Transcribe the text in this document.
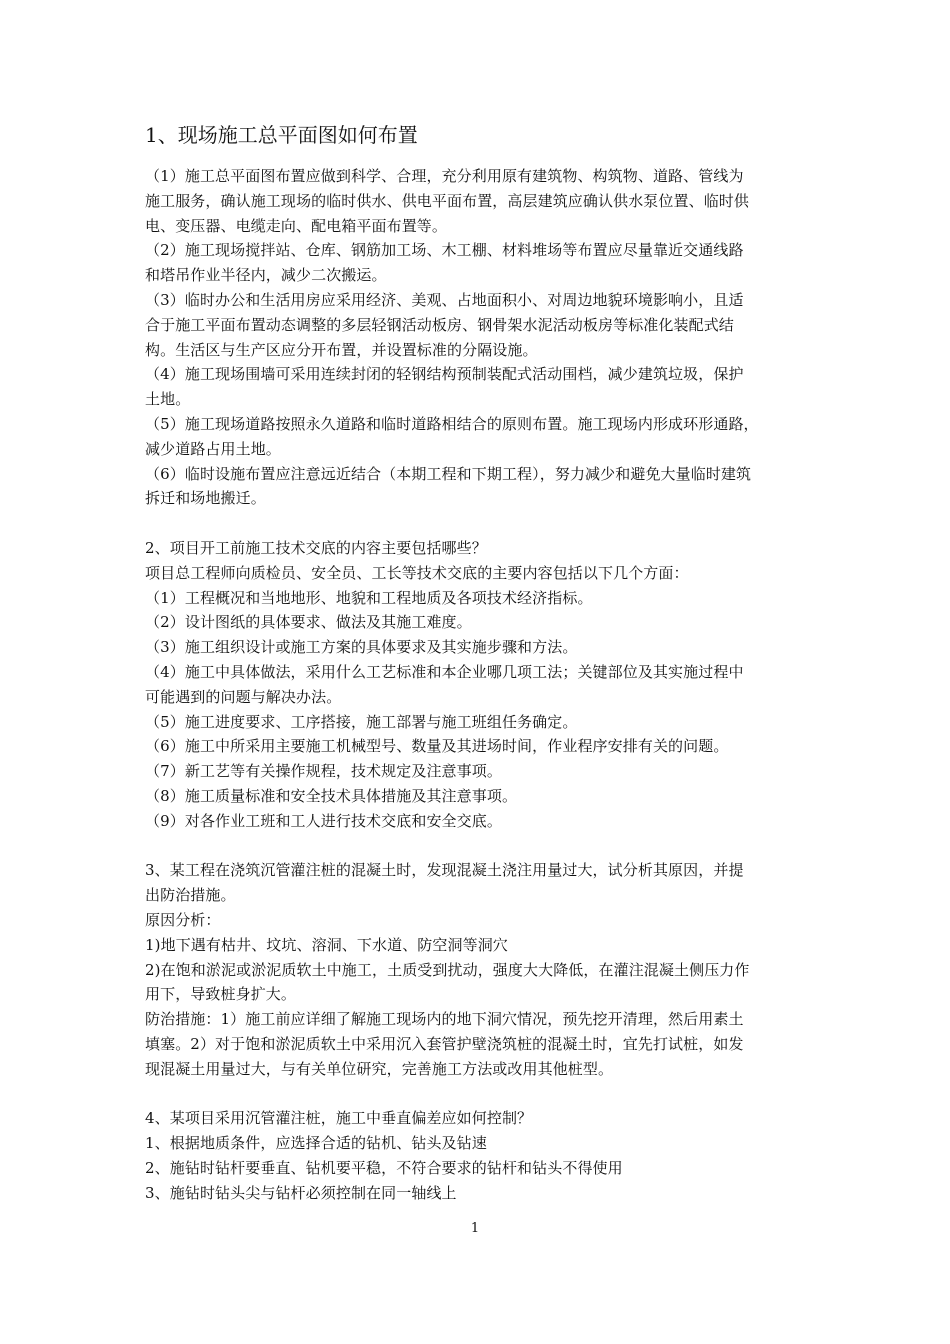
1、现场施工总平面图如何布置

（1）施工总平面图布置应做到科学、合理，充分利用原有建筑物、构筑物、道路、管线为

施工服务，确认施工现场的临时供水、供电平面布置，高层建筑应确认供水泵位置、临时供

电、变压器、电缆走向、配电箱平面布置等。

（2）施工现场搅拌站、仓库、钢筋加工场、木工棚、材料堆场等布置应尽量靠近交通线路

和塔吊作业半径内，减少二次搬运。

（3）临时办公和生活用房应采用经济、美观、占地面积小、对周边地貌环境影响小，且适

合于施工平面布置动态调整的多层轻钢活动板房、钢骨架水泥活动板房等标准化装配式结

构。生活区与生产区应分开布置，并设置标准的分隔设施。

（4）施工现场围墙可采用连续封闭的轻钢结构预制装配式活动围档，减少建筑垃圾，保护

土地。

（5）施工现场道路按照永久道路和临时道路相结合的原则布置。施工现场内形成环形通路，

减少道路占用土地。

（6）临时设施布置应注意远近结合（本期工程和下期工程），努力减少和避免大量临时建筑

拆迁和场地搬迁。

2、项目开工前施工技术交底的内容主要包括哪些？

项目总工程师向质检员、安全员、工长等技术交底的主要内容包括以下几个方面：

（1）工程概况和当地地形、地貌和工程地质及各项技术经济指标。

（2）设计图纸的具体要求、做法及其施工难度。

（3）施工组织设计或施工方案的具体要求及其实施步骤和方法。

（4）施工中具体做法，采用什么工艺标准和本企业哪几项工法；关键部位及其实施过程中

可能遇到的问题与解决办法。

（5）施工进度要求、工序搭接，施工部署与施工班组任务确定。

（6）施工中所采用主要施工机械型号、数量及其进场时间，作业程序安排有关的问题。

（7）新工艺等有关操作规程，技术规定及注意事项。

（8）施工质量标准和安全技术具体措施及其注意事项。

（9）对各作业工班和工人进行技术交底和安全交底。

3、某工程在浇筑沉管灌注桩的混凝土时，发现混凝土浇注用量过大，试分析其原因，并提

出防治措施。

原因分析：

1)地下遇有枯井、坟坑、溶洞、下水道、防空洞等洞穴

2)在饱和淤泥或淤泥质软土中施工，土质受到扰动，强度大大降低，在灌注混凝土侧压力作

用下，导致桩身扩大。

防治措施：1）施工前应详细了解施工现场内的地下洞穴情况，预先挖开清理，然后用素土

填塞。2）对于饱和淤泥质软土中采用沉入套管护壁浇筑桩的混凝土时，宜先打试桩，如发

现混凝土用量过大，与有关单位研究，完善施工方法或改用其他桩型。

4、某项目采用沉管灌注桩，施工中垂直偏差应如何控制？

1、根据地质条件，应选择合适的钻机、钻头及钻速

2、施钻时钻杆要垂直、钻机要平稳，不符合要求的钻杆和钻头不得使用

3、施钻时钻头尖与钻杆必须控制在同一轴线上

1
